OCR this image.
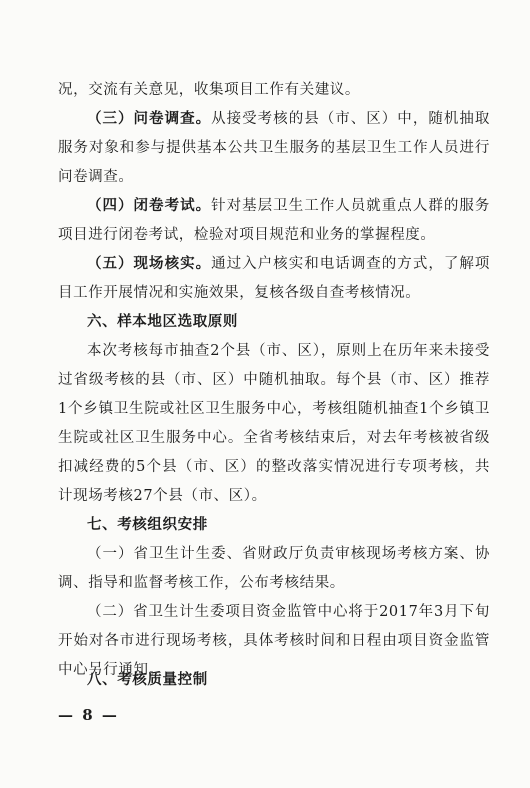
况，交流有关意见，收集项目工作有关建议。

（三）问卷调查。从接受考核的县（市、区）中，随机抽取服务对象和参与提供基本公共卫生服务的基层卫生工作人员进行问卷调查。

（四）闭卷考试。针对基层卫生工作人员就重点人群的服务项目进行闭卷考试，检验对项目规范和业务的掌握程度。

（五）现场核实。通过入户核实和电话调查的方式，了解项目工作开展情况和实施效果，复核各级自查考核情况。

六、样本地区选取原则

本次考核每市抽查2个县（市、区），原则上在历年来未接受过省级考核的县（市、区）中随机抽取。每个县（市、区）推荐1个乡镇卫生院或社区卫生服务中心，考核组随机抽查1个乡镇卫生院或社区卫生服务中心。全省考核结束后，对去年考核被省级扣减经费的5个县（市、区）的整改落实情况进行专项考核，共计现场考核27个县（市、区）。

七、考核组织安排

（一）省卫生计生委、省财政厅负责审核现场考核方案、协调、指导和监督考核工作，公布考核结果。

（二）省卫生计生委项目资金监管中心将于2017年3月下旬开始对各市进行现场考核，具体考核时间和日程由项目资金监管中心另行通知。

八、考核质量控制

— 8 —
